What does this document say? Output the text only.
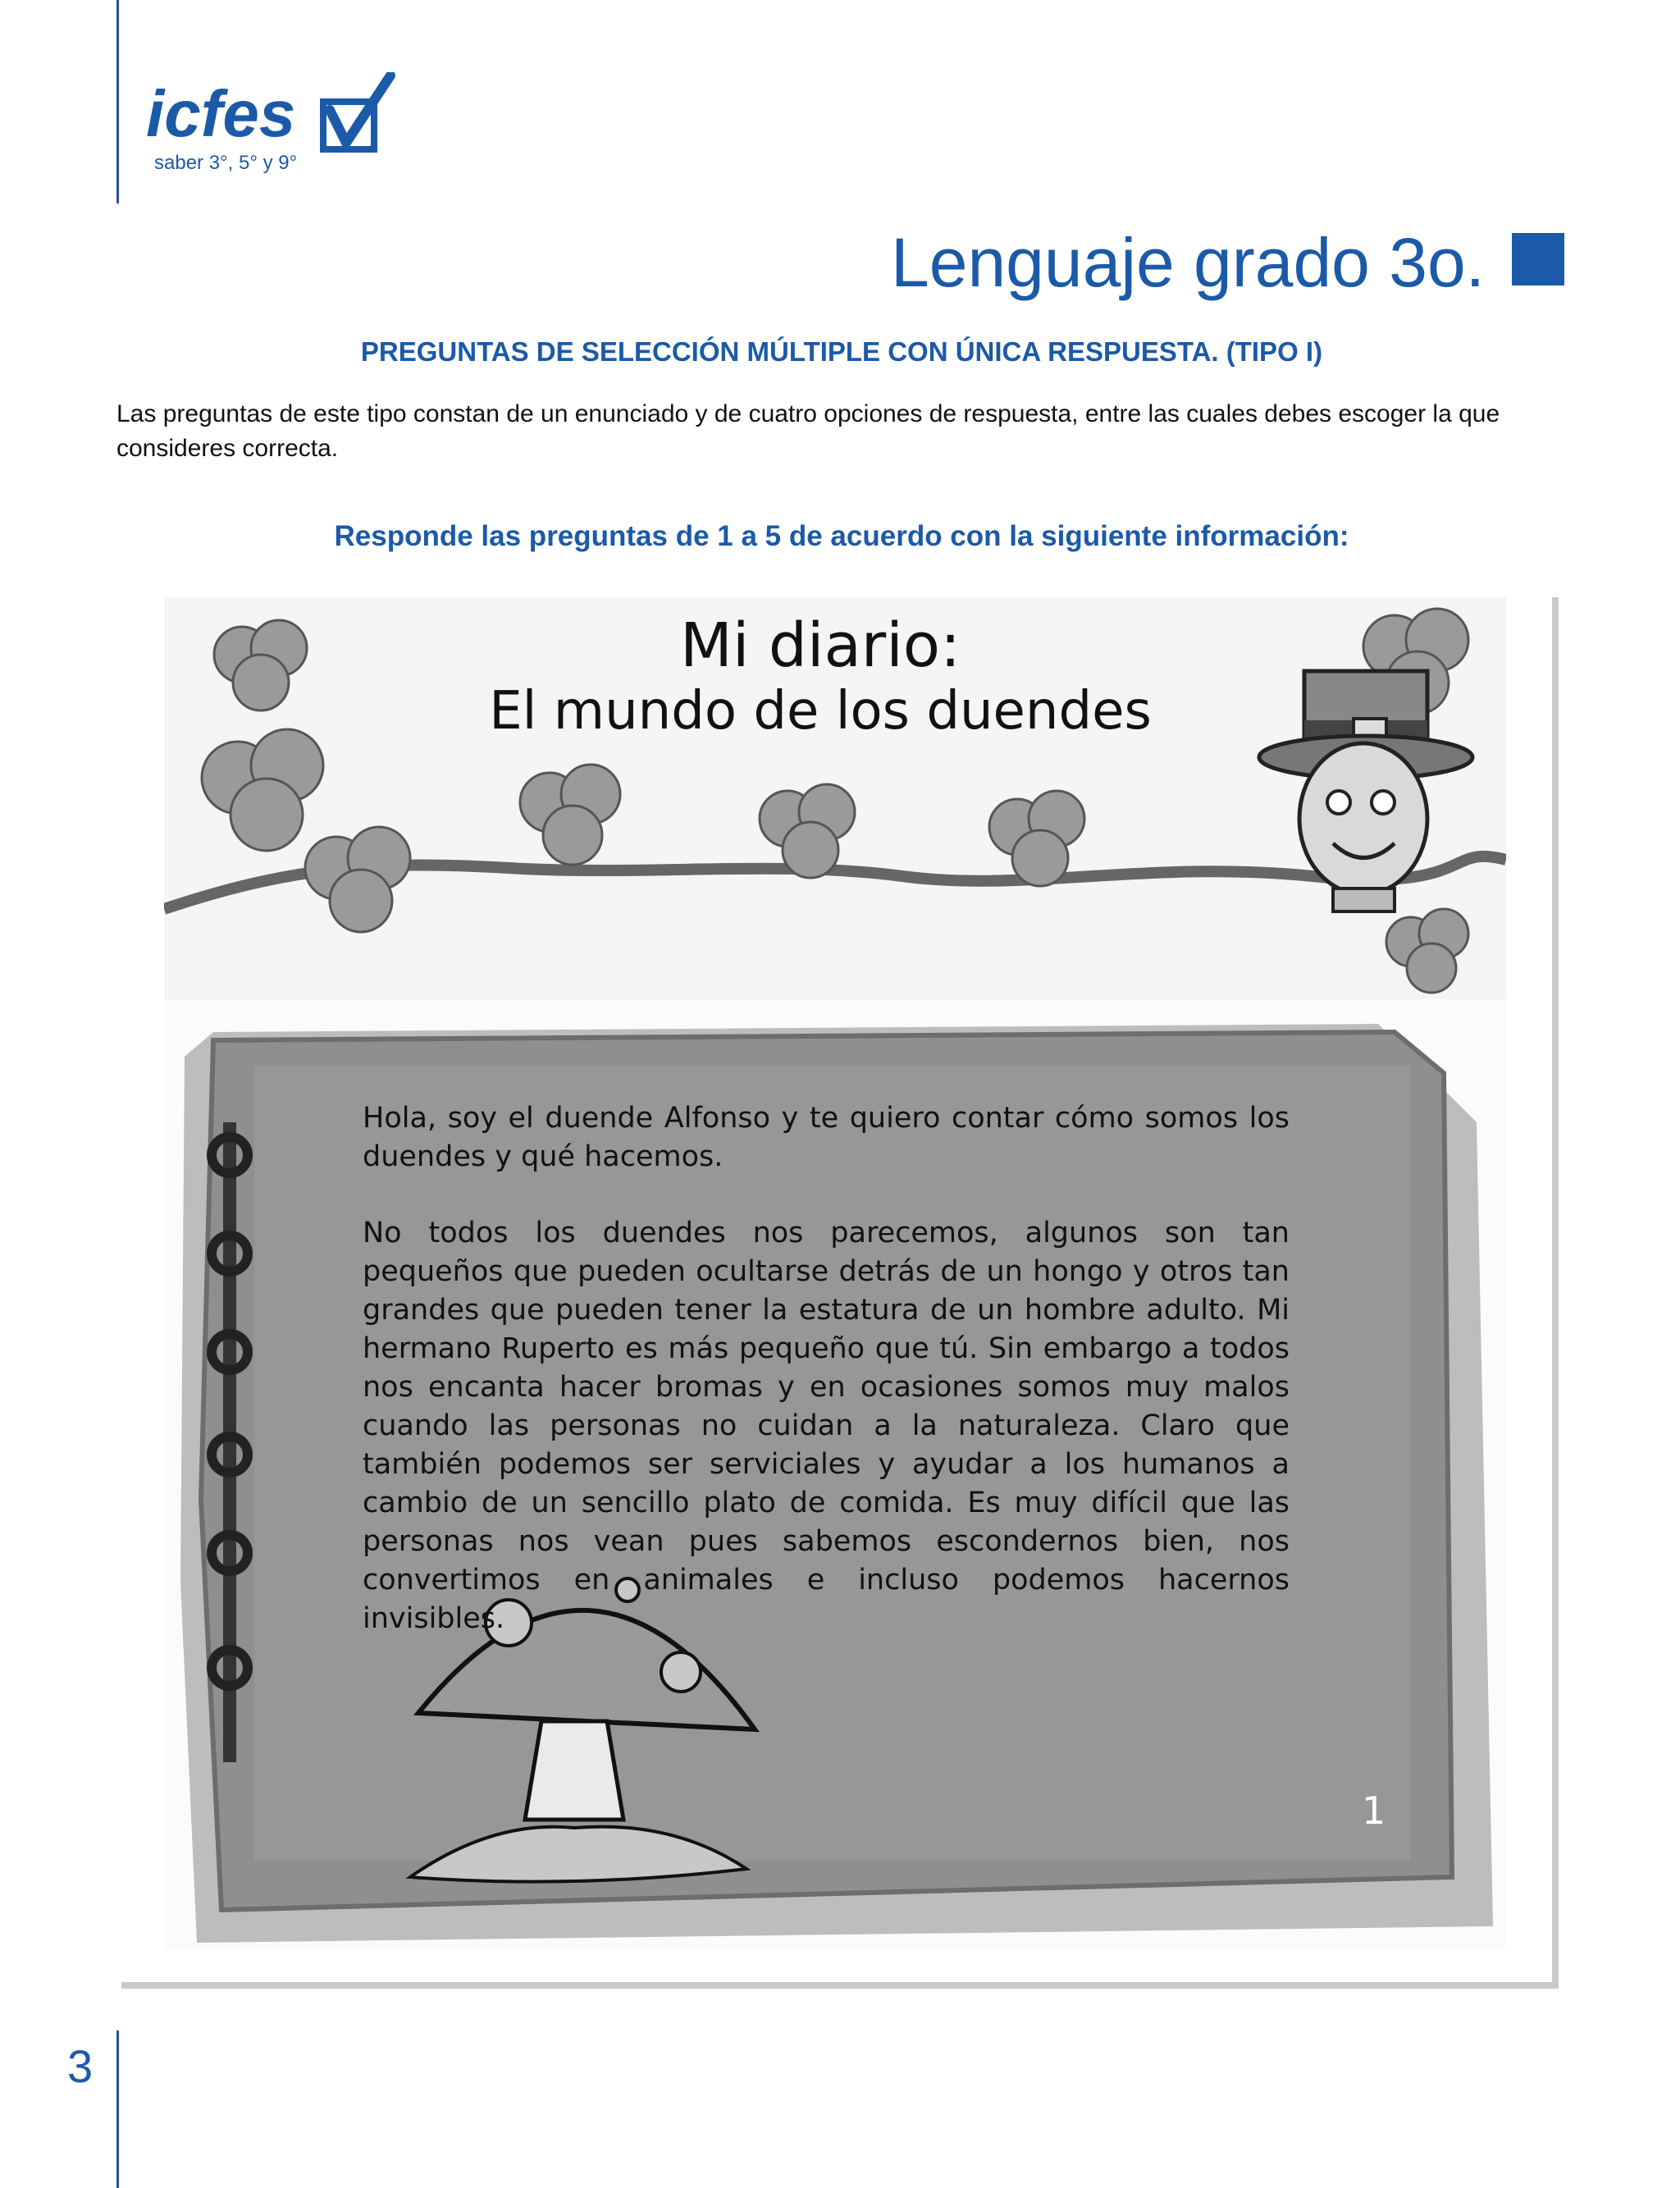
icfes
saber 3°, 5° y 9°
Lenguaje grado 3o.
PREGUNTAS DE SELECCIÓN MÚLTIPLE CON ÚNICA RESPUESTA. (TIPO I)
Las preguntas de este tipo constan de un enunciado y de cuatro opciones de respuesta, entre las cuales debes escoger la que consideres correcta.
Responde las preguntas de 1 a 5 de acuerdo con la siguiente información:
Mi diario:
El mundo de los duendes

Hola, soy el duende Alfonso y te quiero contar cómo somos los duendes y qué hacemos.

No todos los duendes nos parecemos, algunos son tan pequeños que pueden ocultarse detrás de un hongo y otros tan grandes que pueden tener la estatura de un hombre adulto. Mi hermano Ruperto es más pequeño que tú. Sin embargo a todos nos encanta hacer bromas y en ocasiones somos muy malos cuando las personas no cuidan a la naturaleza. Claro que también podemos ser serviciales y ayudar a los humanos a cambio de un sencillo plato de comida. Es muy difícil que las personas nos vean pues sabemos escondernos bien, nos convertimos en animales e incluso podemos hacernos invisibles.

1
3
